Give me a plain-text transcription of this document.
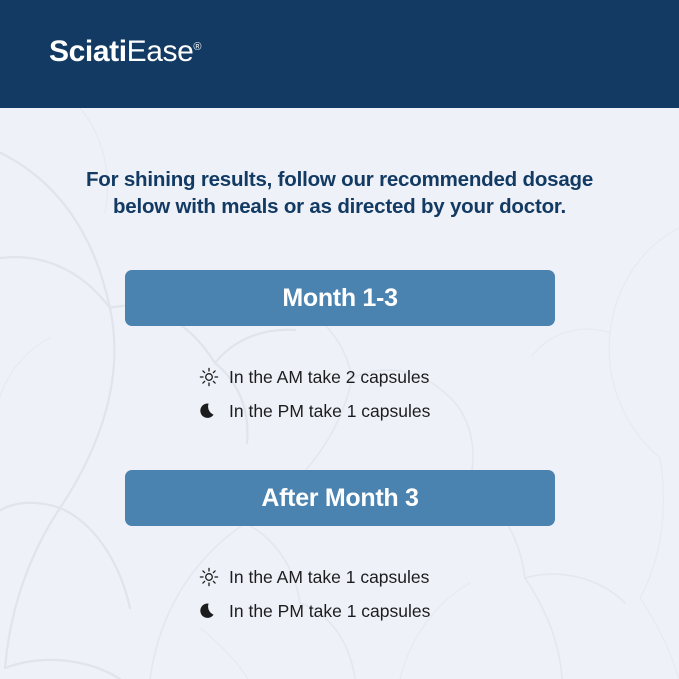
SciatiEase®
For shining results, follow our recommended dosage
below with meals or as directed by your doctor.
Month 1-3
In the AM take 2 capsules
In the PM take 1 capsules
After Month 3
In the AM take 1 capsules
In the PM take 1 capsules
